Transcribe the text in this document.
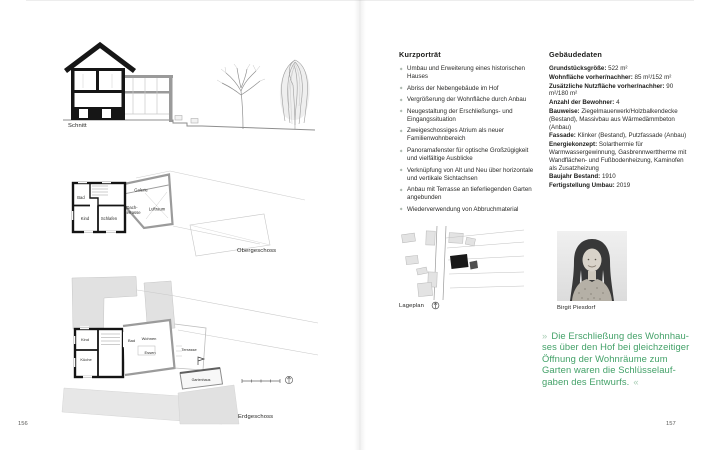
Schnitt
Bad
Kind	Schlafen
Dach-
terrasse
Galerie
Luftraum
Obergeschoss
Kind
Küche
Bad Wohnen
Essen
Terrasse
Gartenhaus
Erdgeschoss
156
Kurzporträt
Umbau und Erweiterung eines historischen Hauses
Abriss der Nebengebäude im Hof
Vergrößerung der Wohnfläche durch Anbau
Neugestaltung der Erschließungs- und Eingangssituation
Zweigeschossiges Atrium als neuer Familienwohnbereich
Panoramafenster für optische Großzügigkeit und vielfältige Ausblicke
Verknüpfung von Alt und Neu über horizontale und vertikale Sichtachsen
Anbau mit Terrasse an tieferliegenden Garten angebunden
Wiederverwendung von Abbruchmaterial
Gebäudedaten

Grundstücksgröße: 522 m²

Wohnfläche vorher/nachher: 85 m²/152 m²

Zusätzliche Nutzfläche vorher/nachher: 90 m²/180 m²

Anzahl der Bewohner: 4

Bauweise: Ziegelmauerwerk/Holzbalkendecke (Bestand), Massivbau aus Wärmedämmbeton (Anbau)

Fassade: Klinker (Bestand), Putzfassade (Anbau)

Energiekonzept: Solarthermie für Warmwassergewinnung, Gasbrennwerttherme mit Wandflächen- und Fußbodenheizung, Kaminofen als Zusatzheizung

Baujahr Bestand: 1910

Fertigstellung Umbau: 2019

Lageplan	Birgit Piesdorf
» Die Erschließung des Wohnhau-
ses über den Hof bei gleichzeitiger
Öffnung der Wohnräume zum
Garten waren die Schlüsselauf-
gaben des Entwurfs. «
157
